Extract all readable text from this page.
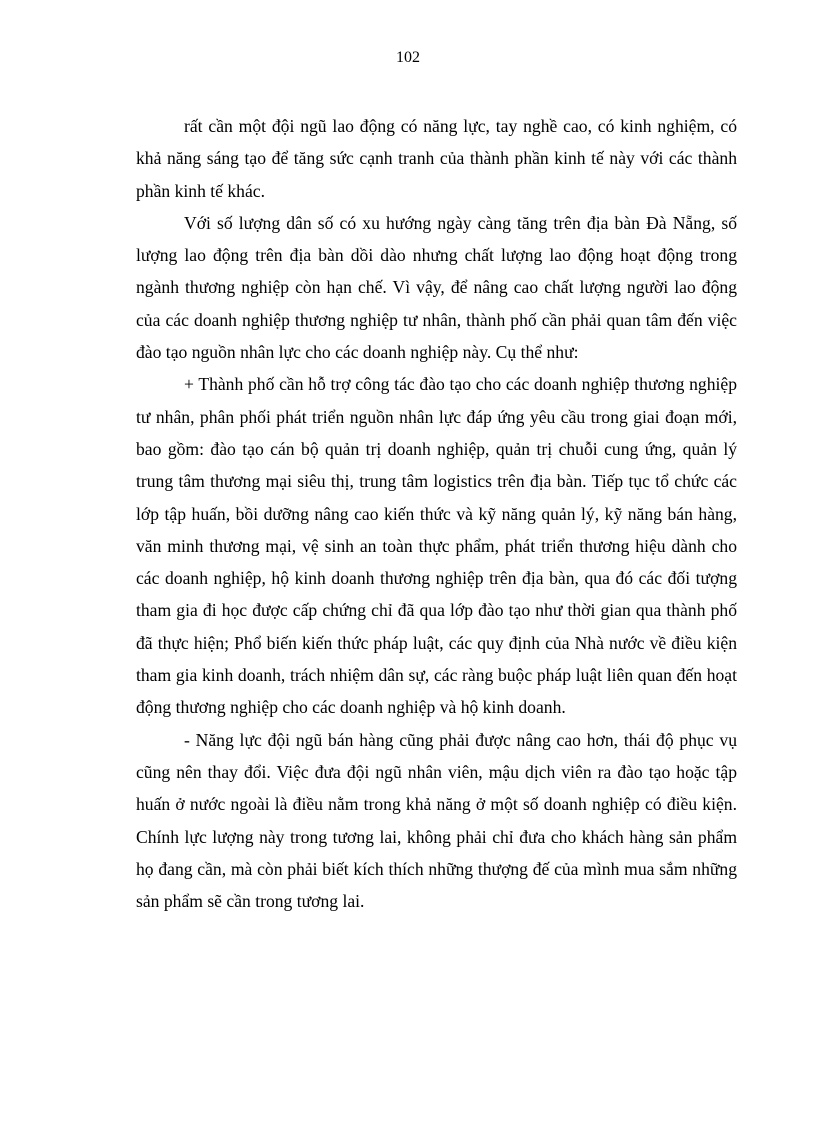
102

rất cần một đội ngũ lao động có năng lực, tay nghề cao, có kinh nghiệm, có khả năng sáng tạo để tăng sức cạnh tranh của thành phần kinh tế này với các thành phần kinh tế khác.

Với số lượng dân số có xu hướng ngày càng tăng trên địa bàn Đà Nẵng, số lượng lao động trên địa bàn dồi dào nhưng chất lượng lao động hoạt động trong ngành thương nghiệp còn hạn chế. Vì vậy, để nâng cao chất lượng người lao động của các doanh nghiệp thương nghiệp tư nhân, thành phố cần phải quan tâm đến việc đào tạo nguồn nhân lực cho các doanh nghiệp này. Cụ thể như:

+ Thành phố cần hỗ trợ công tác đào tạo cho các doanh nghiệp thương nghiệp tư nhân, phân phối phát triển nguồn nhân lực đáp ứng yêu cầu trong giai đoạn mới, bao gồm: đào tạo cán bộ quản trị doanh nghiệp, quản trị chuỗi cung ứng, quản lý trung tâm thương mại siêu thị, trung tâm logistics trên địa bàn. Tiếp tục tổ chức các lớp tập huấn, bồi dưỡng nâng cao kiến thức và kỹ năng quản lý, kỹ năng bán hàng, văn minh thương mại, vệ sinh an toàn thực phẩm, phát triển thương hiệu dành cho các doanh nghiệp, hộ kinh doanh thương nghiệp trên địa bàn, qua đó các đối tượng tham gia đi học được cấp chứng chỉ đã qua lớp đào tạo như thời gian qua thành phố đã thực hiện; Phổ biến kiến thức pháp luật, các quy định của Nhà nước về điều kiện tham gia kinh doanh, trách nhiệm dân sự, các ràng buộc pháp luật liên quan đến hoạt động thương nghiệp cho các doanh nghiệp và hộ kinh doanh.

- Năng lực đội ngũ bán hàng cũng phải được nâng cao hơn, thái độ phục vụ cũng nên thay đổi. Việc đưa đội ngũ nhân viên, mậu dịch viên ra đào tạo hoặc tập huấn ở nước ngoài là điều nằm trong khả năng ở một số doanh nghiệp có điều kiện. Chính lực lượng này trong tương lai, không phải chỉ đưa cho khách hàng sản phẩm họ đang cần, mà còn phải biết kích thích những thượng đế của mình mua sắm những sản phẩm sẽ cần trong tương lai.
